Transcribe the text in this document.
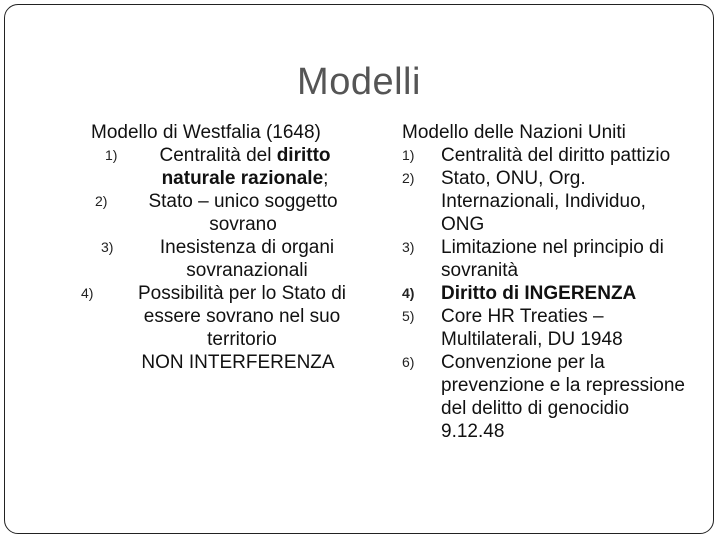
Modelli
Modello di Westfalia (1648)
1)	Centralità del diritto naturale razionale;
2)	Stato – unico soggetto sovrano
3)	Inesistenza di organi sovranazionali
4)	Possibilità per lo Stato di essere sovrano nel suo territorio
NON INTERFERENZA
Modello delle Nazioni Uniti
1) Centralità del diritto pattizio
2) Stato, ONU, Org. Internazionali, Individuo, ONG
3) Limitazione nel principio di sovranità
4) Diritto di INGERENZA
5) Core HR Treaties – Multilaterali, DU 1948
6) Convenzione per la prevenzione e la repressione del delitto di genocidio 9.12.48
